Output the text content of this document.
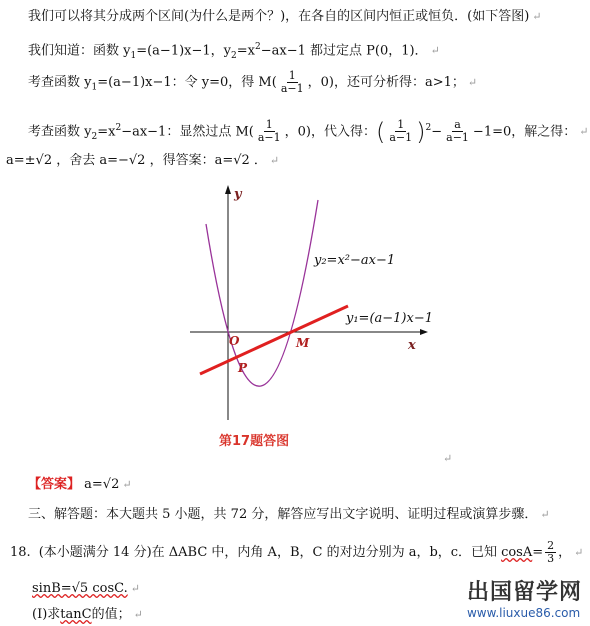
我们可以将其分成两个区间(为什么是两个？)，在各自的区间内恒正或恒负．(如下答图) ↵
我们知道：函数 $y_1=(a-1)x-1$，$y_2=x^2-ax-1$ 都过定点 P(0，1)． ↵
考查函数 $y_1=(a-1)x-1$：令 y=0，得 $M( \frac{1}{a-1}$ ，0)，还可分析得：a>1； ↵
考查函数 $y_2=x^2-ax-1$：显然过点 $M( \frac{1}{a-1}$ ，0)，代入得：( $\frac{1}{a-1} )^2- \frac{a}{a-1} -1=0$，解之得： ↵
a=±√2 ，舍去 a=−√2 ，得答案：a=√2 ． ↵
x
y
O	M
P
y₂=x²−ax−1
y₁=(a−1)x−1
第17题答图
↵
【答案】 a=√2 ↵
三、解答题：本大题共 5 小题，共 72 分，解答应写出文字说明、证明过程或演算步骤． ↵
18. (本小题满分 14 分)在 ΔABC 中，内角 A，B，C 的对边分别为 a，b，c．已知 $\cos A= \frac{2}{3}$ ， ↵
sinB=√5 cosC. ↵
(Ⅰ)求tanC的值； ↵
出国留学网
www.liuxue86.com
